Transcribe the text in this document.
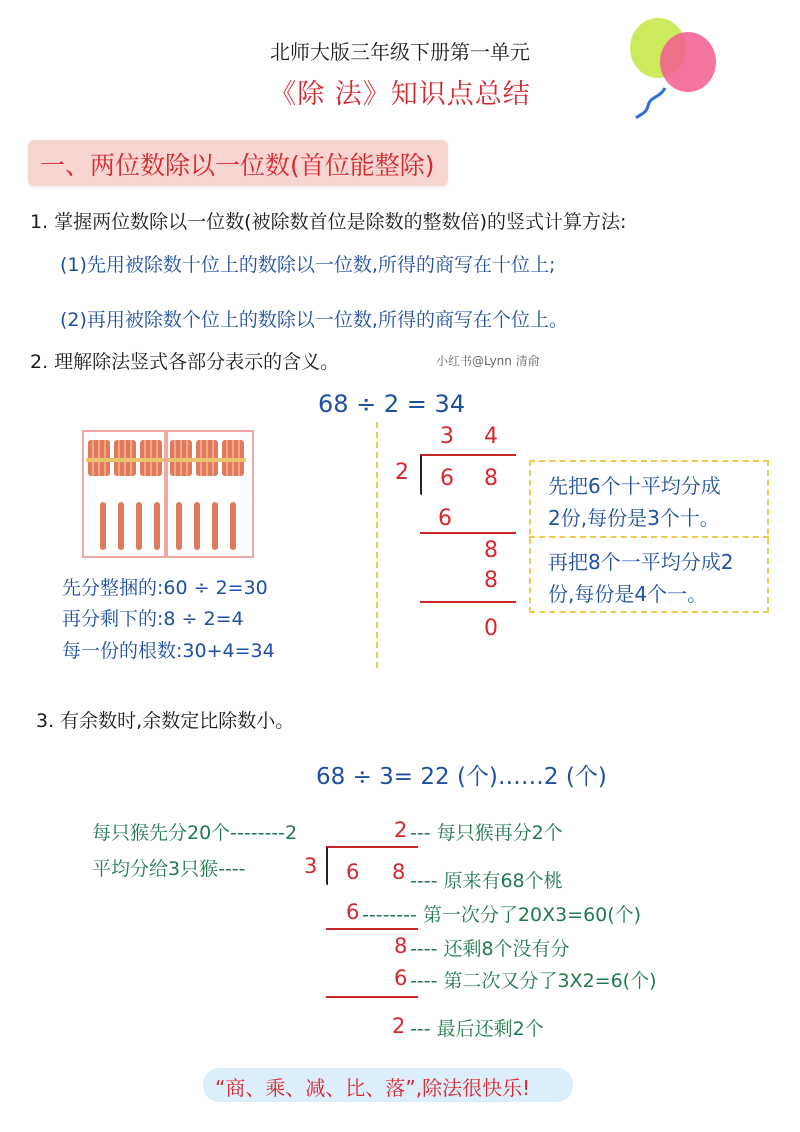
北师大版三年级下册第一单元
《除 法》知识点总结
一、两位数除以一位数(首位能整除)
1. 掌握两位数除以一位数(被除数首位是除数的整数倍)的竖式计算方法:
(1)先用被除数十位上的数除以一位数,所得的商写在十位上;
(2)再用被除数个位上的数除以一位数,所得的商写在个位上。
2. 理解除法竖式各部分表示的含义。	小红书@Lynn 清俞
68 ÷ 2 = 34
先分整捆的:60 ÷ 2=30
再分剩下的:8 ÷ 2=4
每一份的根数:30+4=34
3 4
2 6 8
6
8
8
0
先把6个十平均分成
2份,每份是3个十。
再把8个一平均分成2
份,每份是4个一。
3. 有余数时,余数定比除数小。
68 ÷ 3= 22 (个)……2 (个)
每只猴先分20个--------2	2 --- 每只猴再分2个
平均分给3只猴----	3 6 8 ---- 原来有68个桃
6 -------- 第一次分了20X3=60(个)
8 ---- 还剩8个没有分
6 ---- 第二次又分了3X2=6(个)
2 --- 最后还剩2个
“商、乘、减、比、落”,除法很快乐!
